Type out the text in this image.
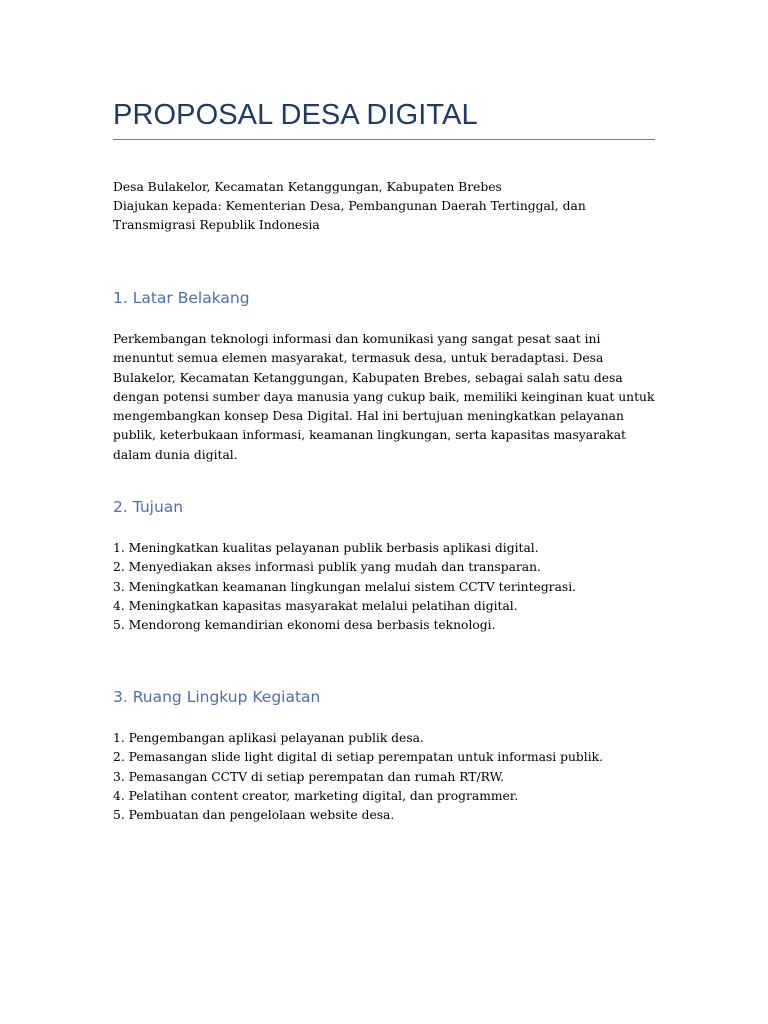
PROPOSAL DESA DIGITAL
Desa Bulakelor, Kecamatan Ketanggungan, Kabupaten Brebes
Diajukan kepada: Kementerian Desa, Pembangunan Daerah Tertinggal, dan Transmigrasi Republik Indonesia
1. Latar Belakang

Perkembangan teknologi informasi dan komunikasi yang sangat pesat saat ini menuntut semua elemen masyarakat, termasuk desa, untuk beradaptasi. Desa Bulakelor, Kecamatan Ketanggungan, Kabupaten Brebes, sebagai salah satu desa dengan potensi sumber daya manusia yang cukup baik, memiliki keinginan kuat untuk mengembangkan konsep Desa Digital. Hal ini bertujuan meningkatkan pelayanan publik, keterbukaan informasi, keamanan lingkungan, serta kapasitas masyarakat dalam dunia digital.

2. Tujuan
1. Meningkatkan kualitas pelayanan publik berbasis aplikasi digital.
2. Menyediakan akses informasi publik yang mudah dan transparan.
3. Meningkatkan keamanan lingkungan melalui sistem CCTV terintegrasi.
4. Meningkatkan kapasitas masyarakat melalui pelatihan digital.
5. Mendorong kemandirian ekonomi desa berbasis teknologi.
3. Ruang Lingkup Kegiatan
1. Pengembangan aplikasi pelayanan publik desa.
2. Pemasangan slide light digital di setiap perempatan untuk informasi publik.
3. Pemasangan CCTV di setiap perempatan dan rumah RT/RW.
4. Pelatihan content creator, marketing digital, dan programmer.
5. Pembuatan dan pengelolaan website desa.
